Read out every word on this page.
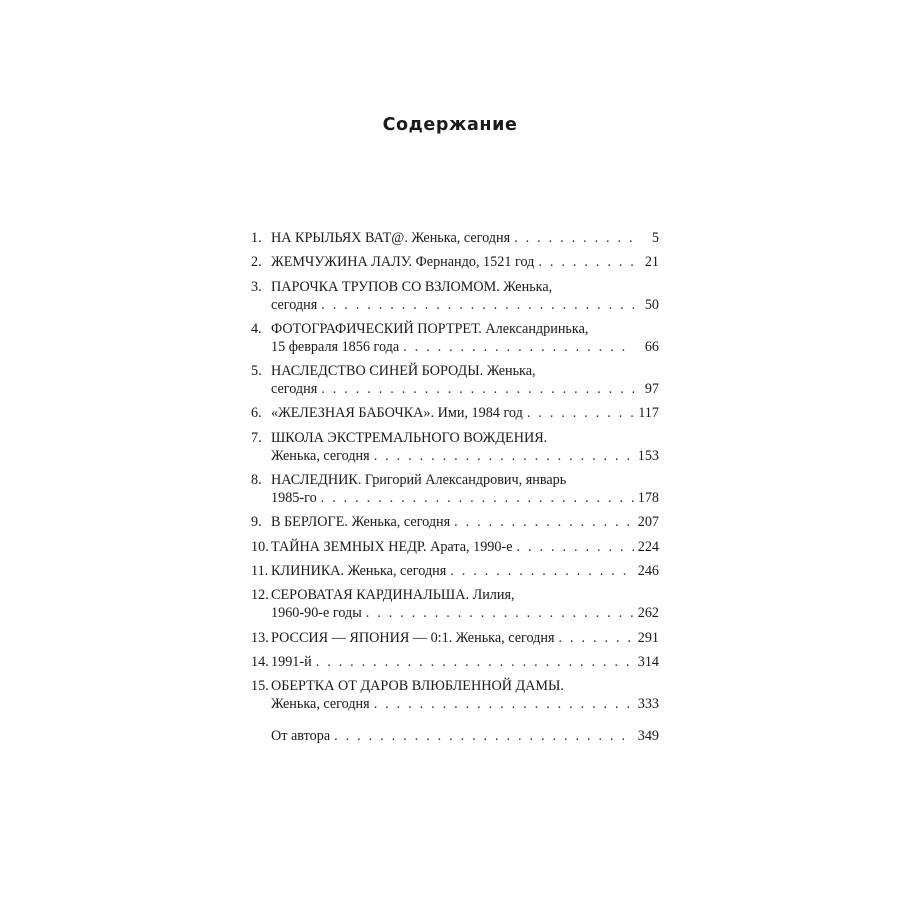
Содержание
1. НА КРЫЛЬЯХ ВАТ@. Женька, сегодня . . .	5
2. ЖЕМЧУЖИНА ЛАЛУ. Фернандо, 1521 год . . .	21
3. ПАРОЧКА ТРУПОВ СО ВЗЛОМОМ. Женька,
сегодня . . .	50
4. ФОТОГРАФИЧЕСКИЙ ПОРТРЕТ. Александринька,
15 февраля 1856 года . . .	66
5. НАСЛЕДСТВО СИНЕЙ БОРОДЫ. Женька,
сегодня . . .	97
6. «ЖЕЛЕЗНАЯ БАБОЧКА». Ими, 1984 год . . .	117
7. ШКОЛА ЭКСТРЕМАЛЬНОГО ВОЖДЕНИЯ.
Женька, сегодня . . .	153
8. НАСЛЕДНИК. Григорий Александрович, январь
1985-го . . .	178
9. В БЕРЛОГЕ. Женька, сегодня . . .	207
10. ТАЙНА ЗЕМНЫХ НЕДР. Арата, 1990-е . . .	224
11. КЛИНИКА. Женька, сегодня . . .	246
12. СЕРОВАТАЯ КАРДИНАЛЬША. Лилия,
1960-90-е годы . . .	262
13. РОССИЯ — ЯПОНИЯ — 0:1. Женька, сегодня . . .	291
14. 1991-й . . .	314
15. ОБЕРТКА ОТ ДАРОВ ВЛЮБЛЕННОЙ ДАМЫ.
Женька, сегодня . . .	333
От автора . . .	349
